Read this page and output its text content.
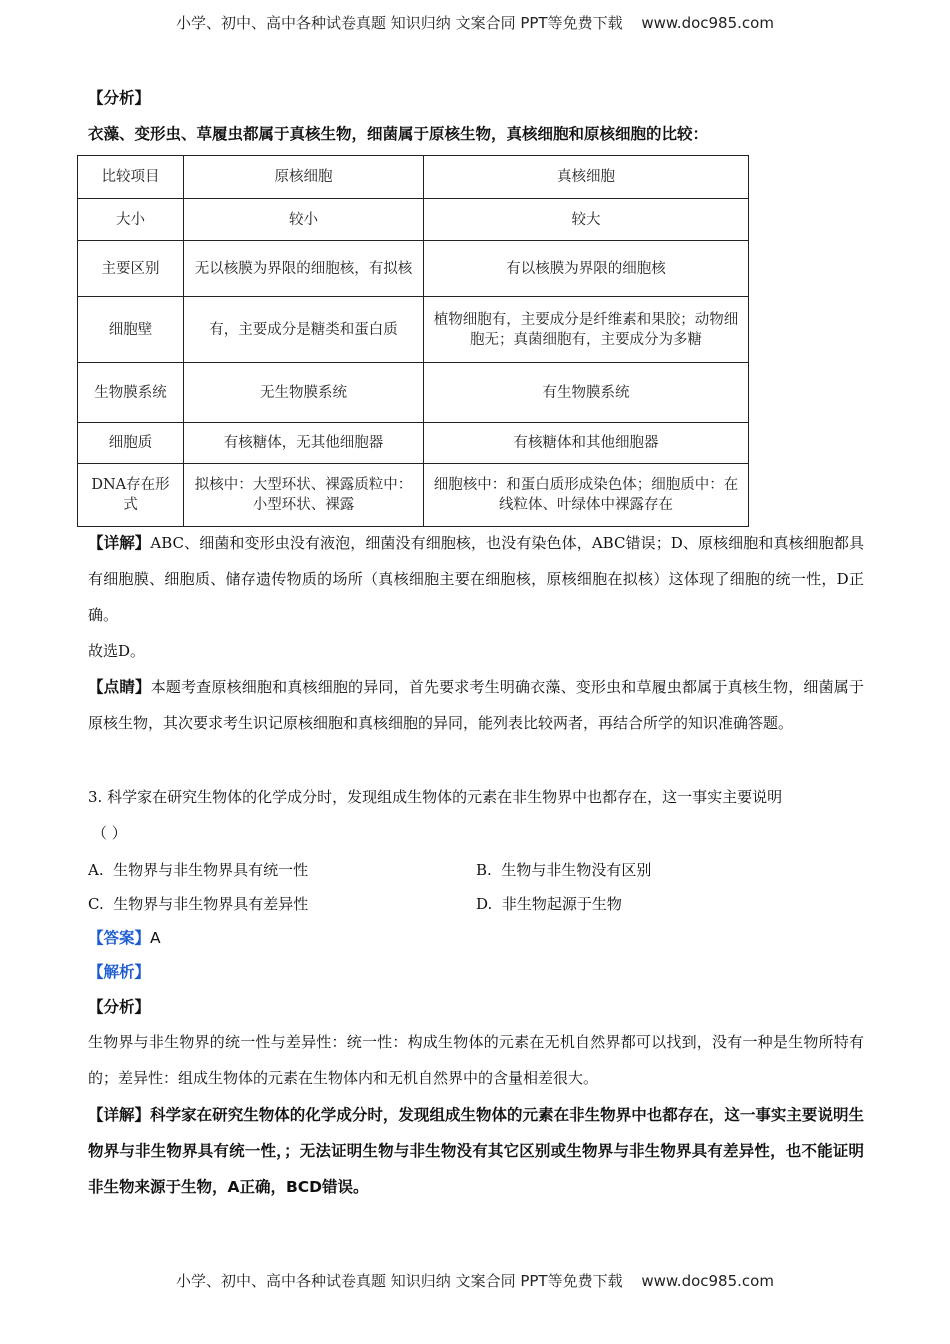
小学、初中、高中各种试卷真题 知识归纳 文案合同 PPT等免费下载 www.doc985.com
【分析】
衣藻、变形虫、草履虫都属于真核生物，细菌属于原核生物，真核细胞和原核细胞的比较：
比较项目	原核细胞	真核细胞
大小	较小	较大
主要区别	无以核膜为界限的细胞核，有拟核	有以核膜为界限的细胞核
细胞壁	有，主要成分是糖类和蛋白质	植物细胞有，主要成分是纤维素和果胶；动物细胞无；真菌细胞有，主要成分为多糖
生物膜系统	无生物膜系统	有生物膜系统
细胞质	有核糖体，无其他细胞器	有核糖体和其他细胞器
DNA存在形式	拟核中：大型环状、裸露质粒中：小型环状、裸露	细胞核中：和蛋白质形成染色体；细胞质中：在线粒体、叶绿体中裸露存在
【详解】ABC、细菌和变形虫没有液泡，细菌没有细胞核，也没有染色体，ABC错误；D、原核细胞和真核细胞都具有细胞膜、细胞质、储存遗传物质的场所（真核细胞主要在细胞核，原核细胞在拟核）这体现了细胞的统一性，D正确。
故选D。
【点睛】本题考查原核细胞和真核细胞的异同，首先要求考生明确衣藻、变形虫和草履虫都属于真核生物，细菌属于原核生物，其次要求考生识记原核细胞和真核细胞的异同，能列表比较两者，再结合所学的知识准确答题。
3. 科学家在研究生物体的化学成分时，发现组成生物体的元素在非生物界中也都存在，这一事实主要说明
（ ）
A. 生物界与非生物界具有统一性	B. 生物与非生物没有区别
C. 生物界与非生物界具有差异性	D. 非生物起源于生物
【答案】A
【解析】
【分析】
生物界与非生物界的统一性与差异性：统一性：构成生物体的元素在无机自然界都可以找到，没有一种是生物所特有的；差异性：组成生物体的元素在生物体内和无机自然界中的含量相差很大。
【详解】科学家在研究生物体的化学成分时，发现组成生物体的元素在非生物界中也都存在，这一事实主要说明生物界与非生物界具有统一性，；无法证明生物与非生物没有其它区别或生物界与非生物界具有差异性，也不能证明非生物来源于生物，A正确，BCD错误。
小学、初中、高中各种试卷真题 知识归纳 文案合同 PPT等免费下载 www.doc985.com
